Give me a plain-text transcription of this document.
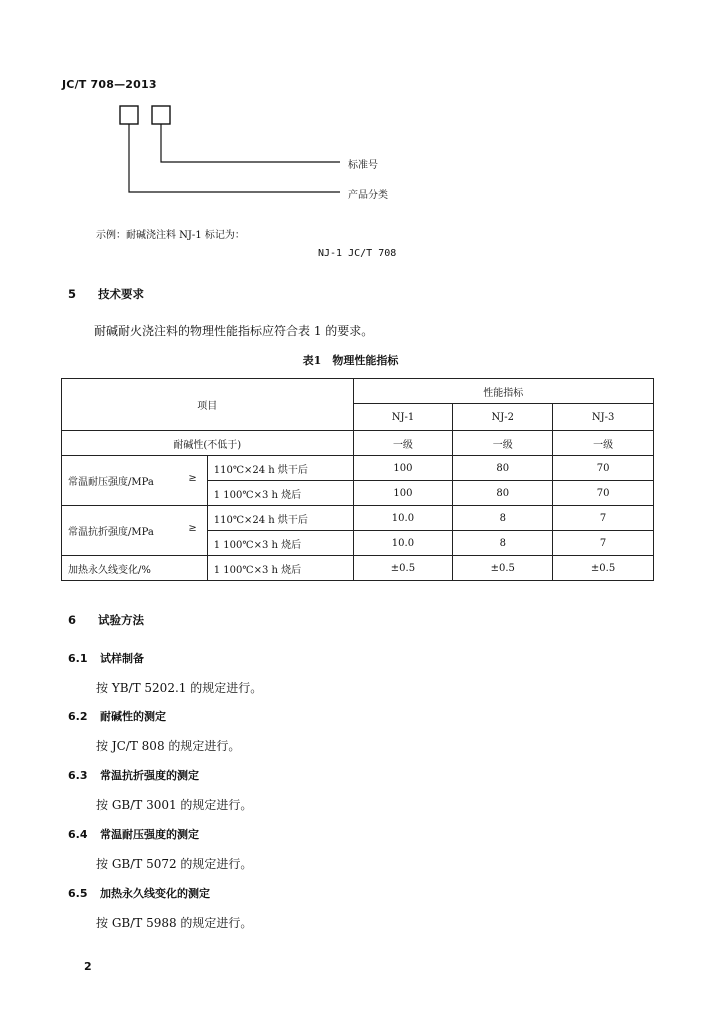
JC/T 708—2013
标准号
产品分类
示例：耐碱浇注料 NJ-1 标记为：
NJ-1 JC/T 708
5 技术要求
耐碱耐火浇注料的物理性能指标应符合表 1 的要求。
表1　物理性能指标
项目		性能指标		
		NJ-1	NJ-2	NJ-3
耐碱性(不低于)		一级	一级	一级
常温耐压强度/MPa ≥	110℃×24 h 烘干后	100	80	70
	1 100℃×3 h 烧后	100	80	70
常温抗折强度/MPa ≥	110℃×24 h 烘干后	10.0	8	7
	1 100℃×3 h 烧后	10.0	8	7
加热永久线变化/%	1 100℃×3 h 烧后	±0.5	±0.5	±0.5
6 试验方法
6.1 试样制备
按 YB/T 5202.1 的规定进行。
6.2 耐碱性的测定
按 JC/T 808 的规定进行。
6.3 常温抗折强度的测定
按 GB/T 3001 的规定进行。
6.4 常温耐压强度的测定
按 GB/T 5072 的规定进行。
6.5 加热永久线变化的测定
按 GB/T 5988 的规定进行。
2
